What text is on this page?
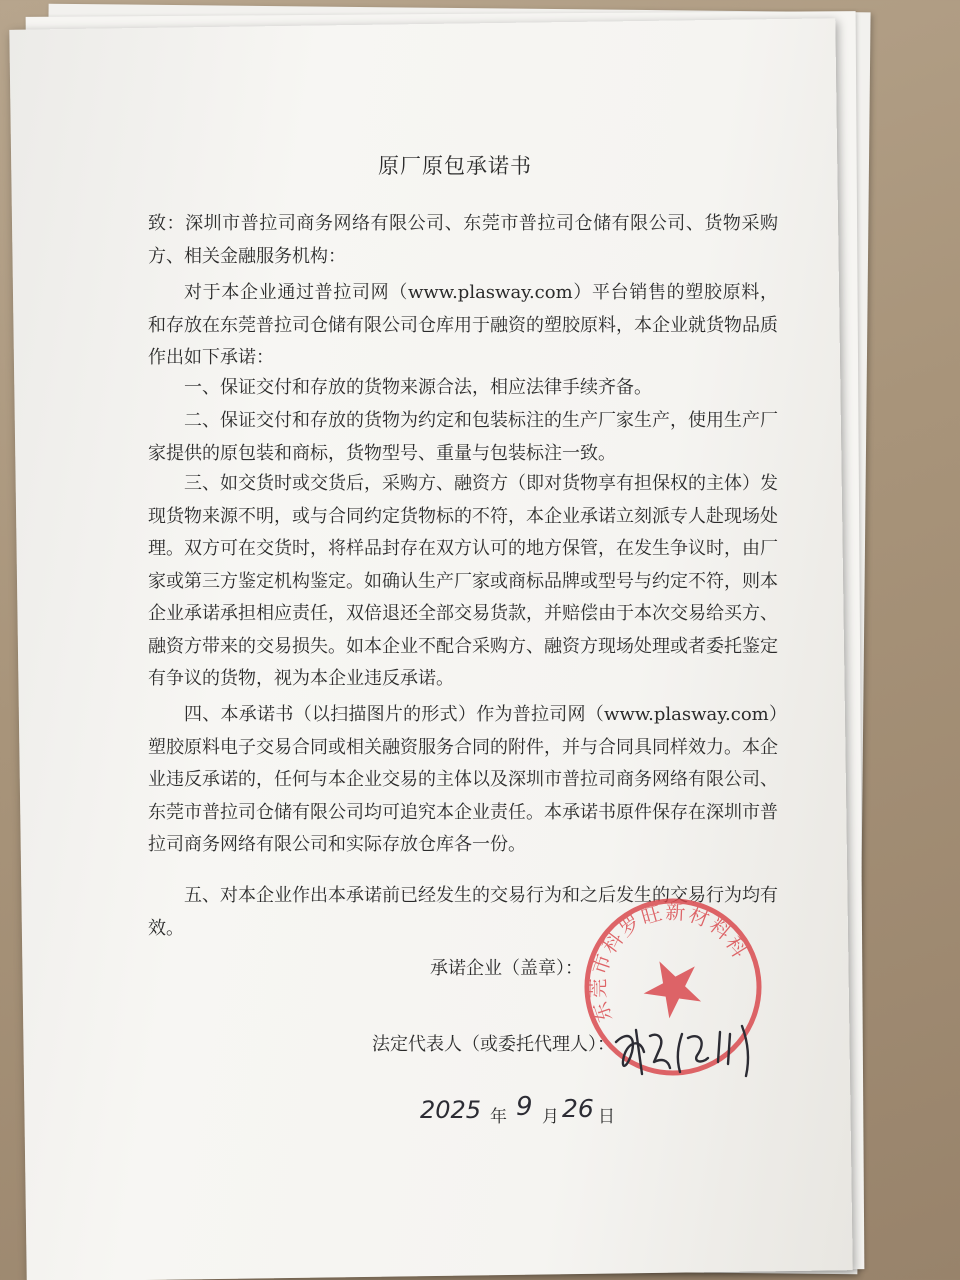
原厂原包承诺书
致：深圳市普拉司商务网络有限公司、东莞市普拉司仓储有限公司、货物采购方、相关金融服务机构：
对于本企业通过普拉司网（www.plasway.com）平台销售的塑胶原料，和存放在东莞普拉司仓储有限公司仓库用于融资的塑胶原料，本企业就货物品质作出如下承诺：
一、保证交付和存放的货物来源合法，相应法律手续齐备。
二、保证交付和存放的货物为约定和包装标注的生产厂家生产，使用生产厂家提供的原包装和商标，货物型号、重量与包装标注一致。
三、如交货时或交货后，采购方、融资方（即对货物享有担保权的主体）发现货物来源不明，或与合同约定货物标的不符，本企业承诺立刻派专人赴现场处理。双方可在交货时，将样品封存在双方认可的地方保管，在发生争议时，由厂家或第三方鉴定机构鉴定。如确认生产厂家或商标品牌或型号与约定不符，则本企业承诺承担相应责任，双倍退还全部交易货款，并赔偿由于本次交易给买方、融资方带来的交易损失。如本企业不配合采购方、融资方现场处理或者委托鉴定有争议的货物，视为本企业违反承诺。
四、本承诺书（以扫描图片的形式）作为普拉司网（www.plasway.com）塑胶原料电子交易合同或相关融资服务合同的附件，并与合同具同样效力。本企业违反承诺的，任何与本企业交易的主体以及深圳市普拉司商务网络有限公司、东莞市普拉司仓储有限公司均可追究本企业责任。本承诺书原件保存在深圳市普拉司商务网络有限公司和实际存放仓库各一份。
五、对本企业作出本承诺前已经发生的交易行为和之后发生的交易行为均有效。
承诺企业（盖章）：
法定代表人（或委托代理人）：
东莞市科罗旺新材料科技有限公司
2025 年 9 月 26 日
